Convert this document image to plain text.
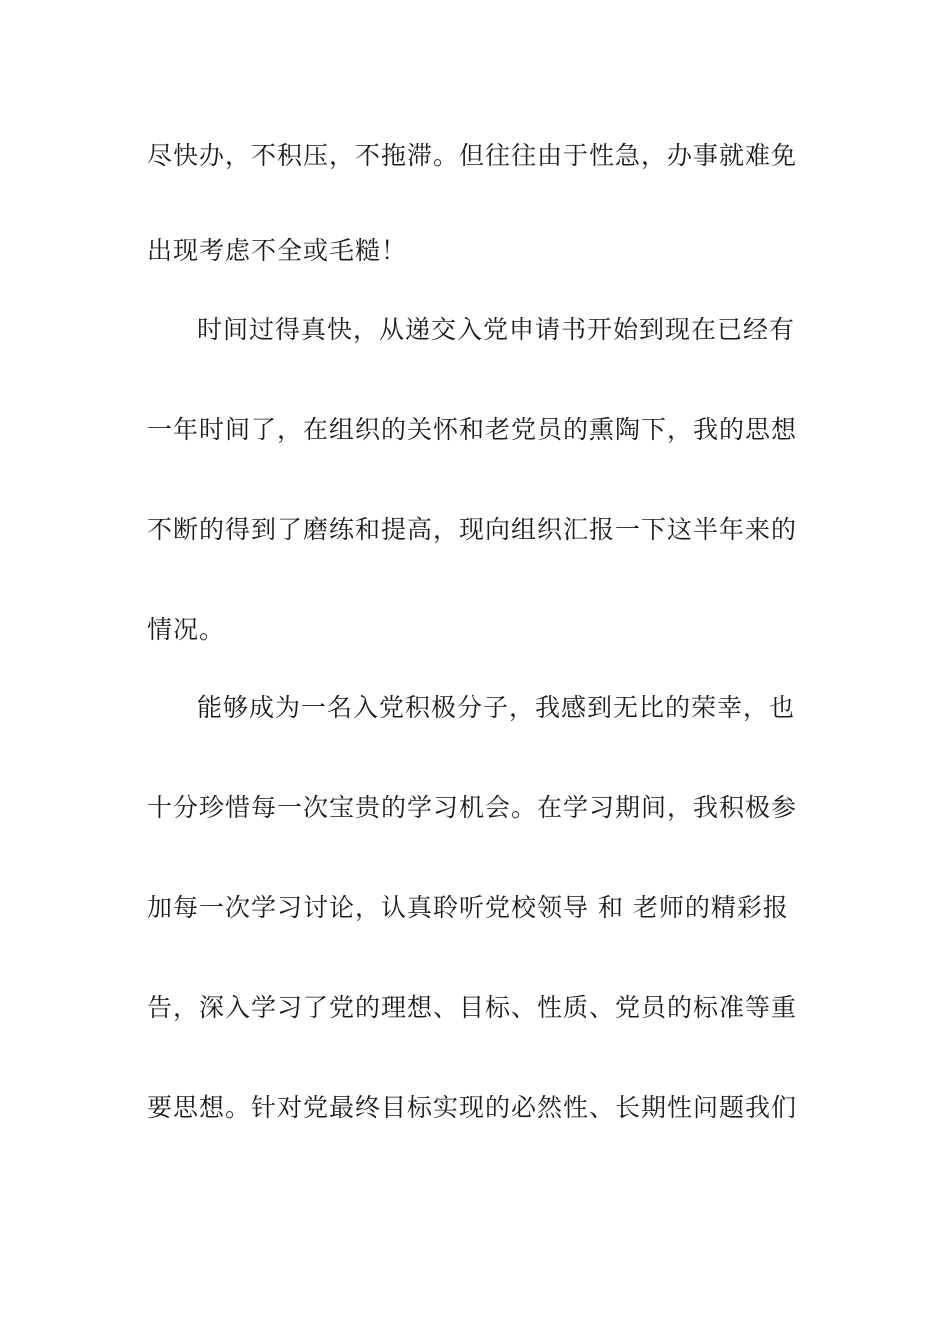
尽快办，不积压，不拖滞。但往往由于性急，办事就难免
出现考虑不全或毛糙！
时间过得真快，从递交入党申请书开始到现在已经有
一年时间了，在组织的关怀和老党员的熏陶下，我的思想
不断的得到了磨练和提高，现向组织汇报一下这半年来的
情况。
能够成为一名入党积极分子，我感到无比的荣幸，也
十分珍惜每一次宝贵的学习机会。在学习期间，我积极参
加每一次学习讨论，认真聆听党校领导 和 老师的精彩报
告，深入学习了党的理想、目标、性质、党员的标准等重
要思想。针对党最终目标实现的必然性、长期性问题我们
